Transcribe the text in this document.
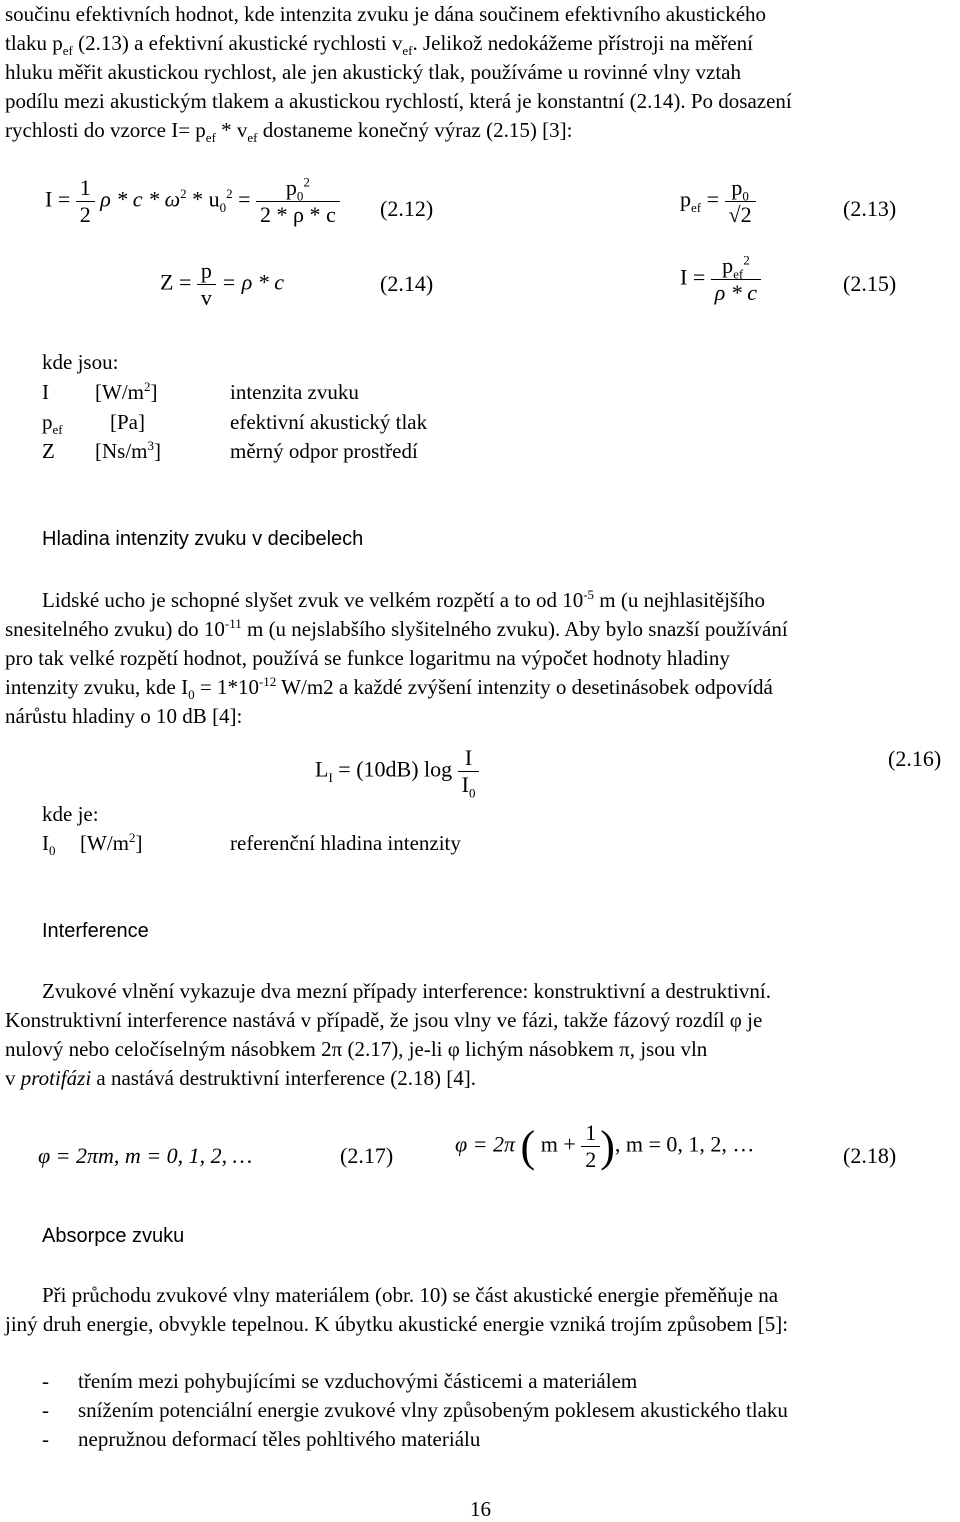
součinu efektivních hodnot, kde intenzita zvuku je dána součinem efektivního akustického
tlaku $p_{ef}$ (2.13) a efektivní akustické rychlosti $v_{ef}$. Jelikož nedokážeme přístroji na měření
hluku měřit akustickou rychlost, ale jen akustický tlak, používáme u rovinné vlny vztah
podílu mezi akustickým tlakem a akustickou rychlostí, která je konstantní (2.14). Po dosazení
rychlosti do vzorce $I= p_{ef} * v_{ef}$ dostaneme konečný výraz (2.15) [3]:
$I = \frac{1}{2}$ $\rho * c * \omega^2 * u_0^2 = \frac{p_0^2}{2 * \rho * c} (2.12)$	$p_{ef} = \frac{p_0}{√2}$	(2.13)
$Z = \frac{p}{v} = \rho * c$	(2.14)	$I = \frac{p_{ef}^2}{\rho * c}$	(2.15)
kde jsou:
I $[W/m^2]$	intenzita zvuku
$p_{ef}$ [Pa]	efektivní akustický tlak
Z $[Ns/m^3]$	měrný odpor prostředí
Hladina intenzity zvuku v decibelech
Lidské ucho je schopné slyšet zvuk ve velkém rozpětí a to od $10^{-5}$ m (u nejhlasitějšího
snesitelného zvuku) do $10^{-11}$ m (u nejslabšího slyšitelného zvuku). Aby bylo snazší používání
pro tak velké rozpětí hodnot, používá se funkce logaritmu na výpočet hodnoty hladiny
intenzity zvuku, kde $I_0 = 1*10^{-12}$ W/m2 a každé zvýšení intenzity o desetinásobek odpovídá
nárůstu hladiny o 10 dB [4]:
$L_I = (10dB)$ $\log \frac{I}{I_0}$	(2.16)
kde je:
$I_0$ $[W/m^2]$	referenční hladina intenzity
Interference
Zvukové vlnění vykazuje dva mezní případy interference: konstruktivní a destruktivní.
Konstruktivní interference nastává v případě, že jsou vlny ve fázi, takže fázový rozdíl φ je
nulový nebo celočíselným násobkem 2π (2.17), je-li φ lichým násobkem π, jsou vln
v protifázi a nastává destruktivní interference (2.18) [4].
φ = 2πm, m = 0, 1, 2, …	(2.17)	φ = 2π ( $m + \frac{1}{2}$ ), m = 0, 1, 2, …	(2.18)
Absorpce zvuku
Při průchodu zvukové vlny materiálem (obr. 10) se část akustické energie přeměňuje na
jiný druh energie, obvykle tepelnou. K úbytku akustické energie vzniká trojím způsobem [5]:
- třením mezi pohybujícími se vzduchovými částicemi a materiálem
- snížením potenciální energie zvukové vlny způsobeným poklesem akustického tlaku
- nepružnou deformací těles pohltivého materiálu
16
